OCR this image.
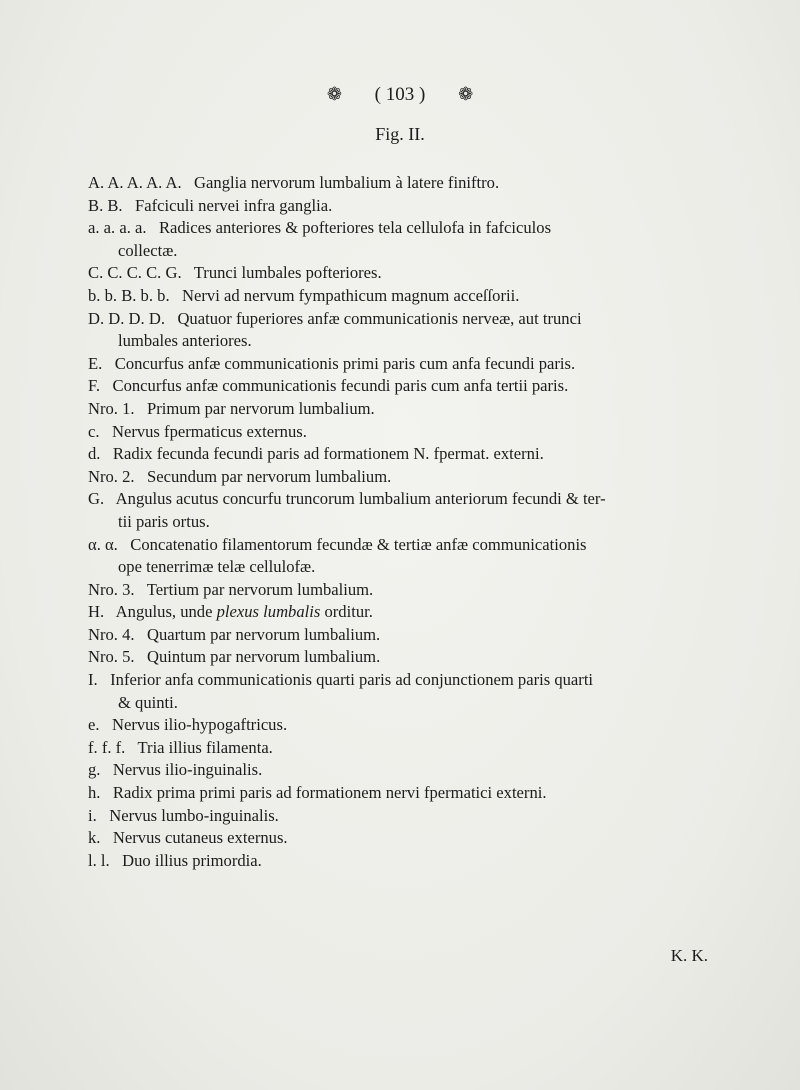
❁ ( 103 ) ❁
Fig. II.

A. A. A. A. A.  Ganglia nervorum lumbalium à latere finiftro.

B. B.  Fafciculi nervei infra ganglia.

a. a. a. a.  Radices anteriores & pofteriores tela cellulofa in fafciculos
collectæ.

C. C. C. C. G.  Trunci lumbales pofteriores.

b. b. B. b. b.  Nervi ad nervum fympathicum magnum acceſſorii.

D. D. D. D.  Quatuor fuperiores anfæ communicationis nerveæ, aut trunci
lumbales anteriores.

E.  Concurfus anfæ communicationis primi paris cum anfa fecundi paris.

F.  Concurfus anfæ communicationis fecundi paris cum anfa tertii paris.

Nro. 1.  Primum par nervorum lumbalium.

c.  Nervus fpermaticus externus.

d.  Radix fecunda fecundi paris ad formationem N. fpermat. externi.

Nro. 2.  Secundum par nervorum lumbalium.

G.  Angulus acutus concurfu truncorum lumbalium anteriorum fecundi & ter-
tii paris ortus.

α. α.  Concatenatio filamentorum fecundæ & tertiæ anfæ communicationis
ope tenerrimæ telæ cellulofæ.

Nro. 3.  Tertium par nervorum lumbalium.

H.  Angulus, unde plexus lumbalis orditur.

Nro. 4.  Quartum par nervorum lumbalium.

Nro. 5.  Quintum par nervorum lumbalium.

I.  Inferior anfa communicationis quarti paris ad conjunctionem paris quarti
& quinti.

e.  Nervus ilio-hypogaftricus.

f. f. f.  Tria illius filamenta.

g.  Nervus ilio-inguinalis.

h.  Radix prima primi paris ad formationem nervi fpermatici externi.

i.  Nervus lumbo-inguinalis.

k.  Nervus cutaneus externus.

l. l.  Duo illius primordia.

K. K.
